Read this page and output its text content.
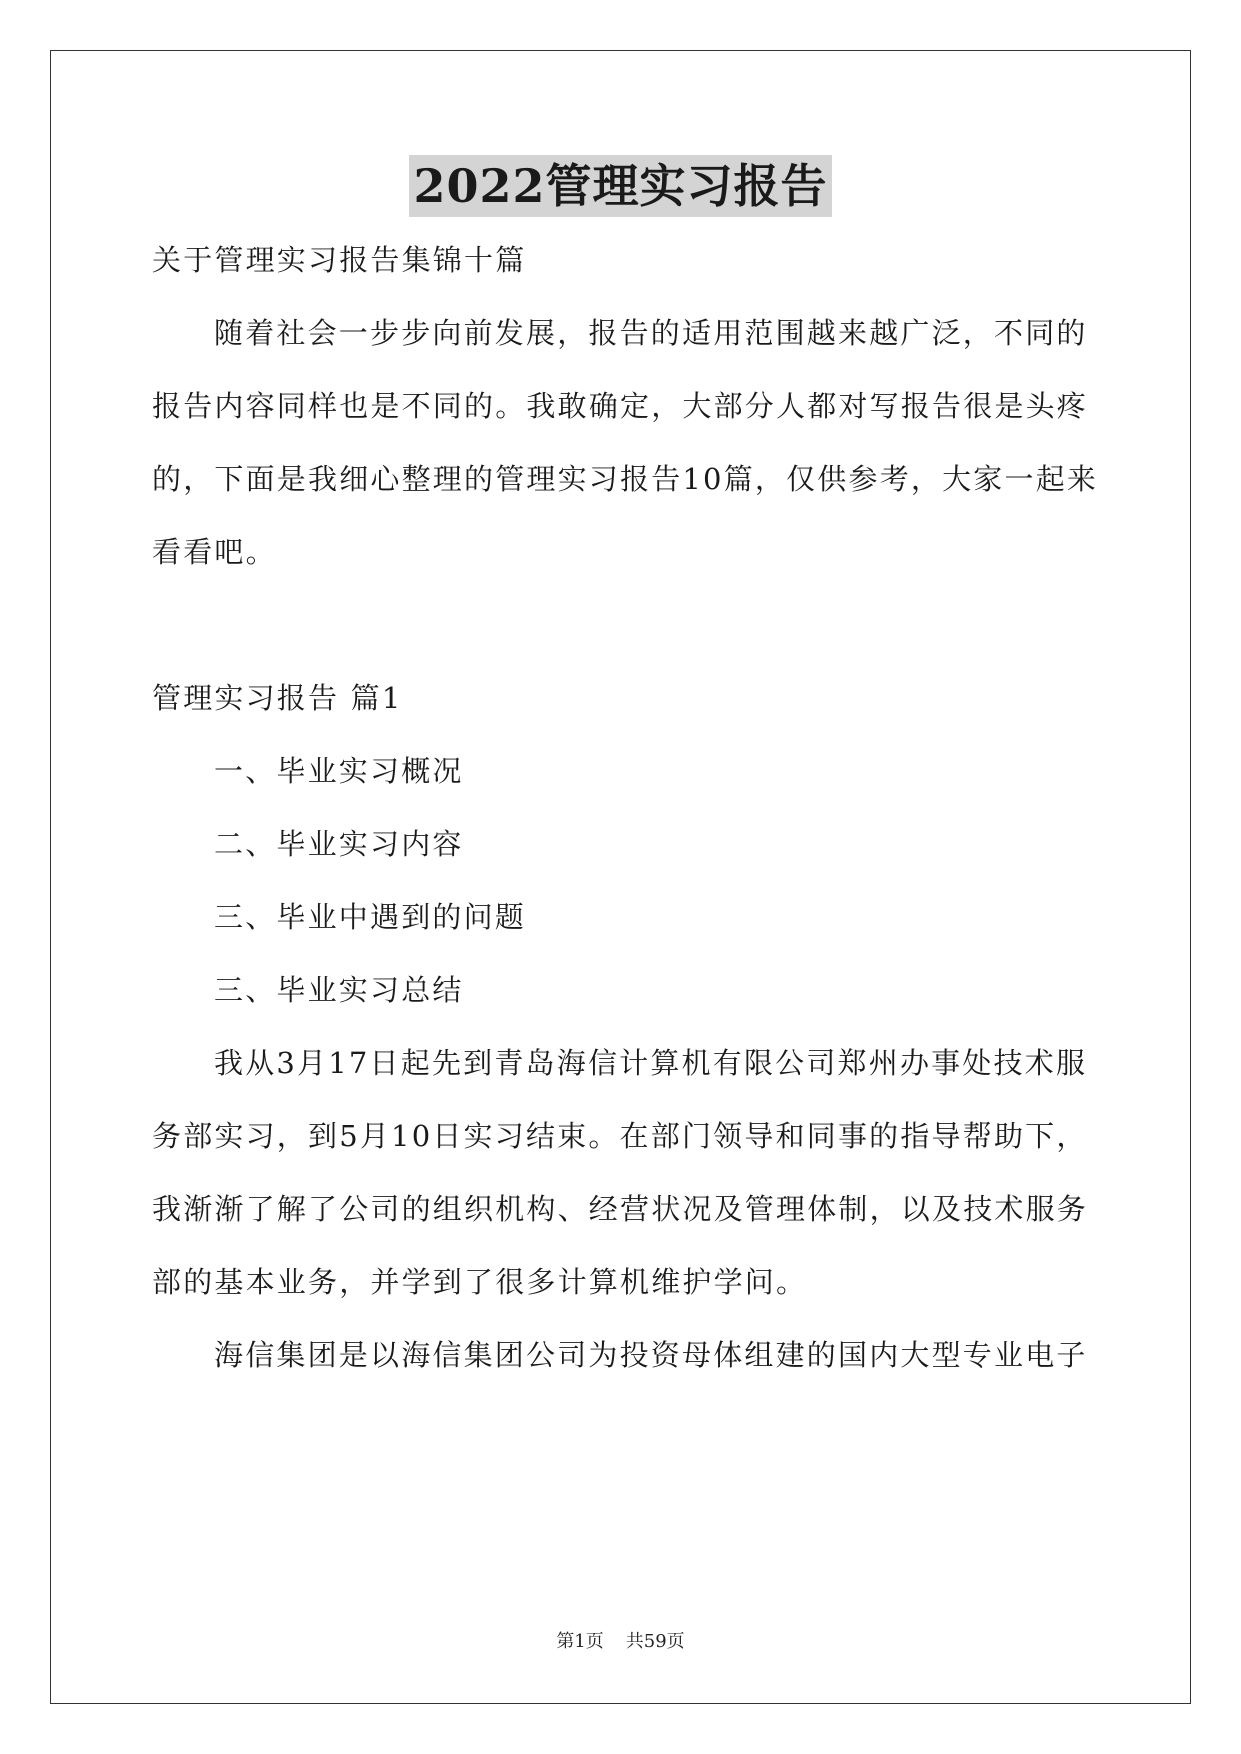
2022管理实习报告
关于管理实习报告集锦十篇
随着社会一步步向前发展，报告的适用范围越来越广泛，不同的
报告内容同样也是不同的。我敢确定，大部分人都对写报告很是头疼
的，下面是我细心整理的管理实习报告10篇，仅供参考，大家一起来
看看吧。
管理实习报告 篇1
一、毕业实习概况
二、毕业实习内容
三、毕业中遇到的问题
三、毕业实习总结
我从3月17日起先到青岛海信计算机有限公司郑州办事处技术服
务部实习，到5月10日实习结束。在部门领导和同事的指导帮助下，
我渐渐了解了公司的组织机构、经营状况及管理体制，以及技术服务
部的基本业务，并学到了很多计算机维护学问。
海信集团是以海信集团公司为投资母体组建的国内大型专业电子
第1页 共59页
